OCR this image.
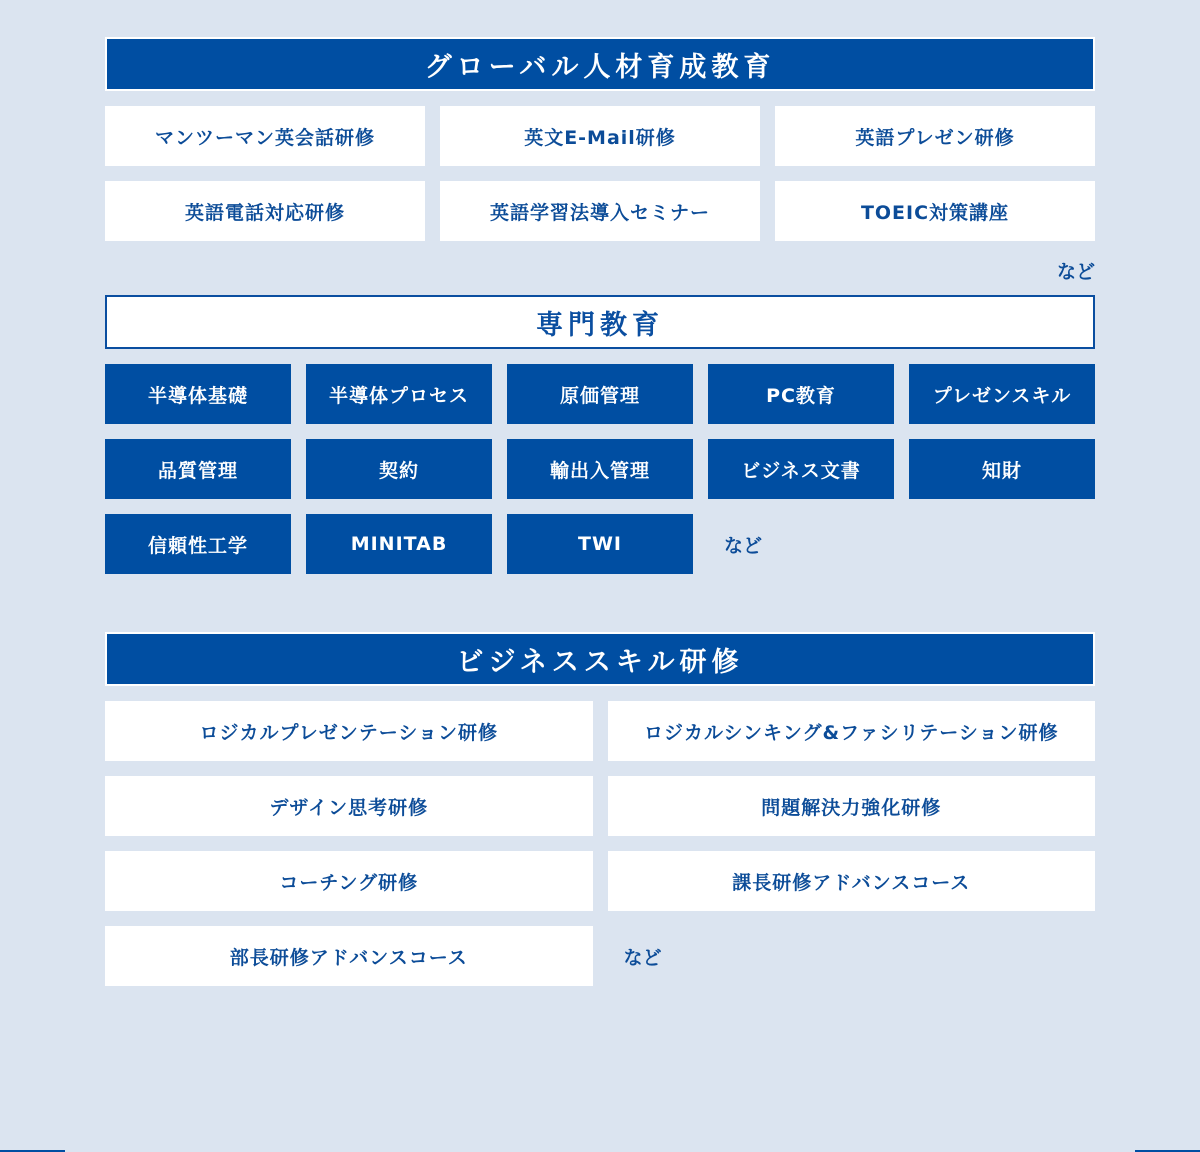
グローバル人材育成教育
マンツーマン英会話研修	英文E-Mail研修	英語プレゼン研修
英語電話対応研修	英語学習法導入セミナー	TOEIC対策講座
など
専門教育
半導体基礎	半導体プロセス	原価管理	PC教育	プレゼンスキル
品質管理	契約	輸出入管理	ビジネス文書	知財
信頼性工学	MINITAB	TWI	など
ビジネススキル研修
ロジカルプレゼンテーション研修	ロジカルシンキング&ファシリテーション研修
デザイン思考研修	問題解決力強化研修
コーチング研修	課長研修アドバンスコース
部長研修アドバンスコース	など
